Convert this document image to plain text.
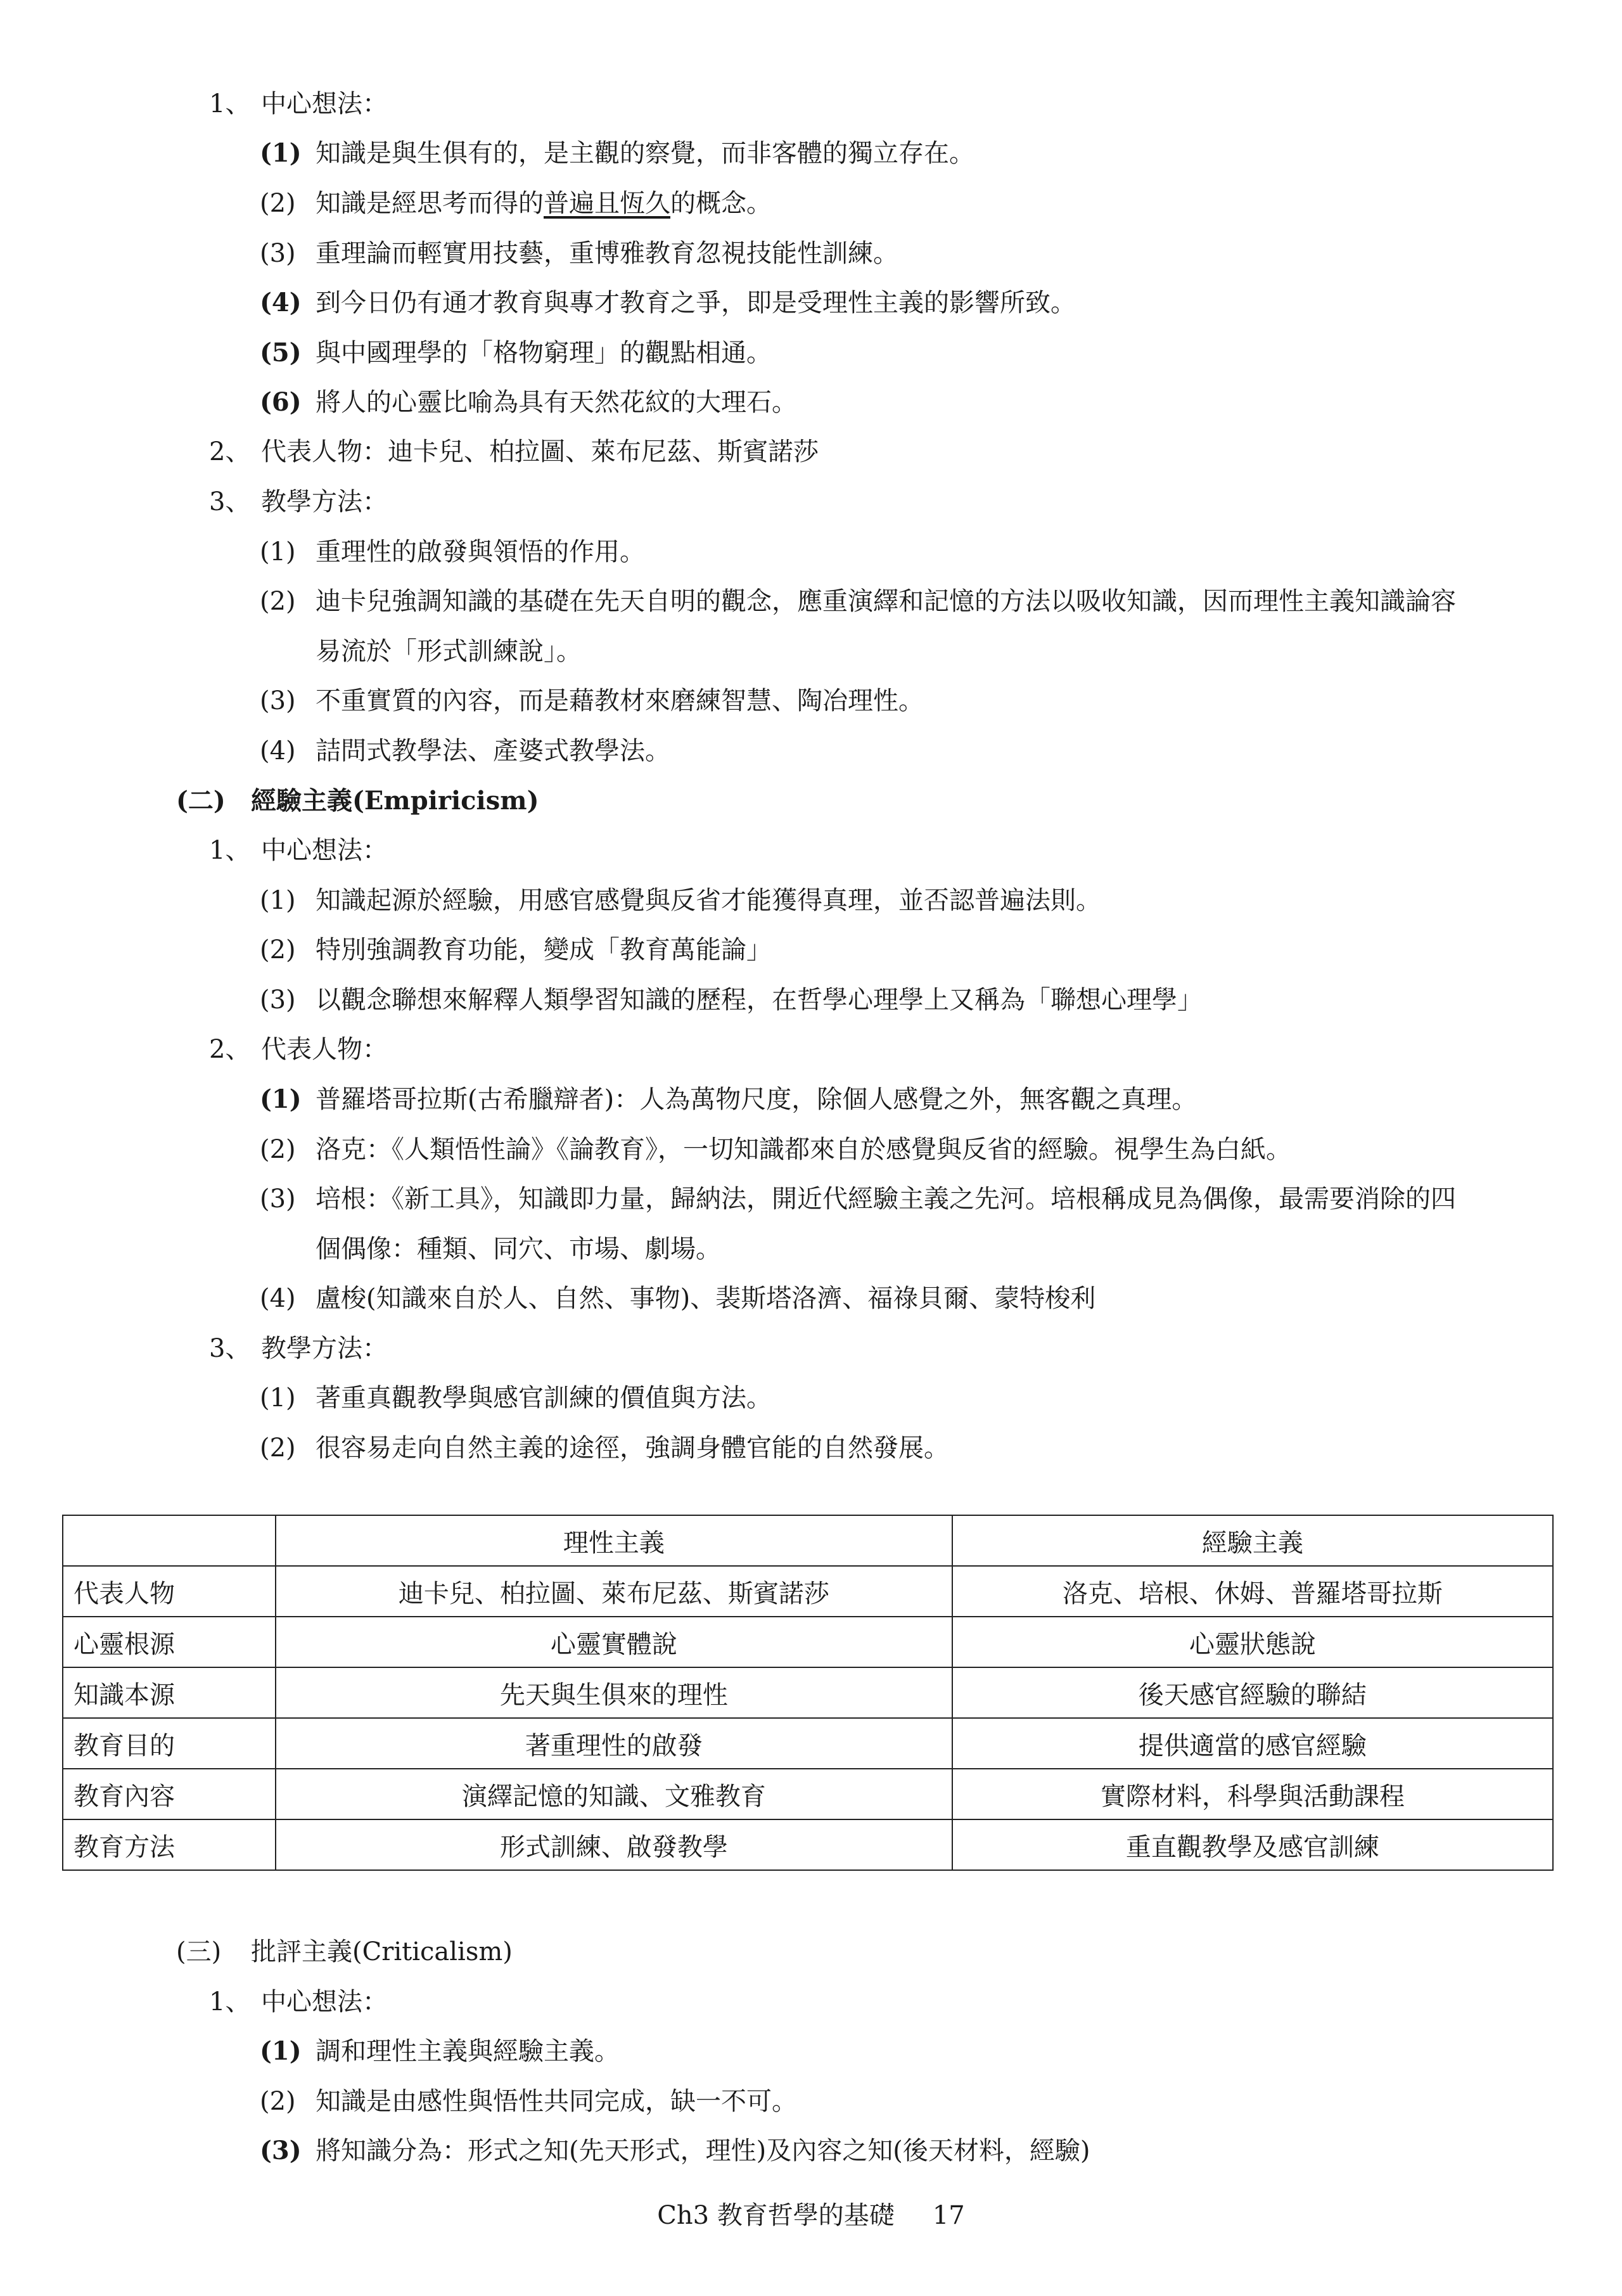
1、 中心想法：
(1) 知識是與生俱有的，是主觀的察覺，而非客體的獨立存在。
(2) 知識是經思考而得的普遍且恆久的概念。
(3) 重理論而輕實用技藝，重博雅教育忽視技能性訓練。
(4) 到今日仍有通才教育與專才教育之爭，即是受理性主義的影響所致。
(5) 與中國理學的「格物窮理」的觀點相通。
(6) 將人的心靈比喻為具有天然花紋的大理石。
2、 代表人物：迪卡兒、柏拉圖、萊布尼茲、斯賓諾莎
3、 教學方法：
(1) 重理性的啟發與領悟的作用。
(2) 迪卡兒強調知識的基礎在先天自明的觀念，應重演繹和記憶的方法以吸收知識，因而理性主義知識論容
易流於「形式訓練說」。
(3) 不重實質的內容，而是藉教材來磨練智慧、陶冶理性。
(4) 詰問式教學法、產婆式教學法。
(二) 經驗主義(Empiricism)
1、 中心想法：
(1) 知識起源於經驗，用感官感覺與反省才能獲得真理，並否認普遍法則。
(2) 特別強調教育功能，變成「教育萬能論」
(3) 以觀念聯想來解釋人類學習知識的歷程，在哲學心理學上又稱為「聯想心理學」
2、 代表人物：
(1) 普羅塔哥拉斯(古希臘辯者)：人為萬物尺度，除個人感覺之外，無客觀之真理。
(2) 洛克：《人類悟性論》《論教育》，一切知識都來自於感覺與反省的經驗。視學生為白紙。
(3) 培根：《新工具》，知識即力量，歸納法，開近代經驗主義之先河。培根稱成見為偶像，最需要消除的四
個偶像：種類、同穴、市場、劇場。
(4) 盧梭(知識來自於人、自然、事物)、裴斯塔洛濟、福祿貝爾、蒙特梭利
3、 教學方法：
(1) 著重真觀教學與感官訓練的價值與方法。
(2) 很容易走向自然主義的途徑，強調身體官能的自然發展。
	理性主義	經驗主義
代表人物	迪卡兒、柏拉圖、萊布尼茲、斯賓諾莎	洛克、培根、休姆、普羅塔哥拉斯
心靈根源	心靈實體說	心靈狀態說
知識本源	先天與生俱來的理性	後天感官經驗的聯結
教育目的	著重理性的啟發	提供適當的感官經驗
教育內容	演繹記憶的知識、文雅教育	實際材料，科學與活動課程
教育方法	形式訓練、啟發教學	重直觀教學及感官訓練
(三) 批評主義(Criticalism)
1、 中心想法：
(1) 調和理性主義與經驗主義。
(2) 知識是由感性與悟性共同完成，缺一不可。
(3) 將知識分為：形式之知(先天形式，理性)及內容之知(後天材料，經驗)
Ch3 教育哲學的基礎 17
